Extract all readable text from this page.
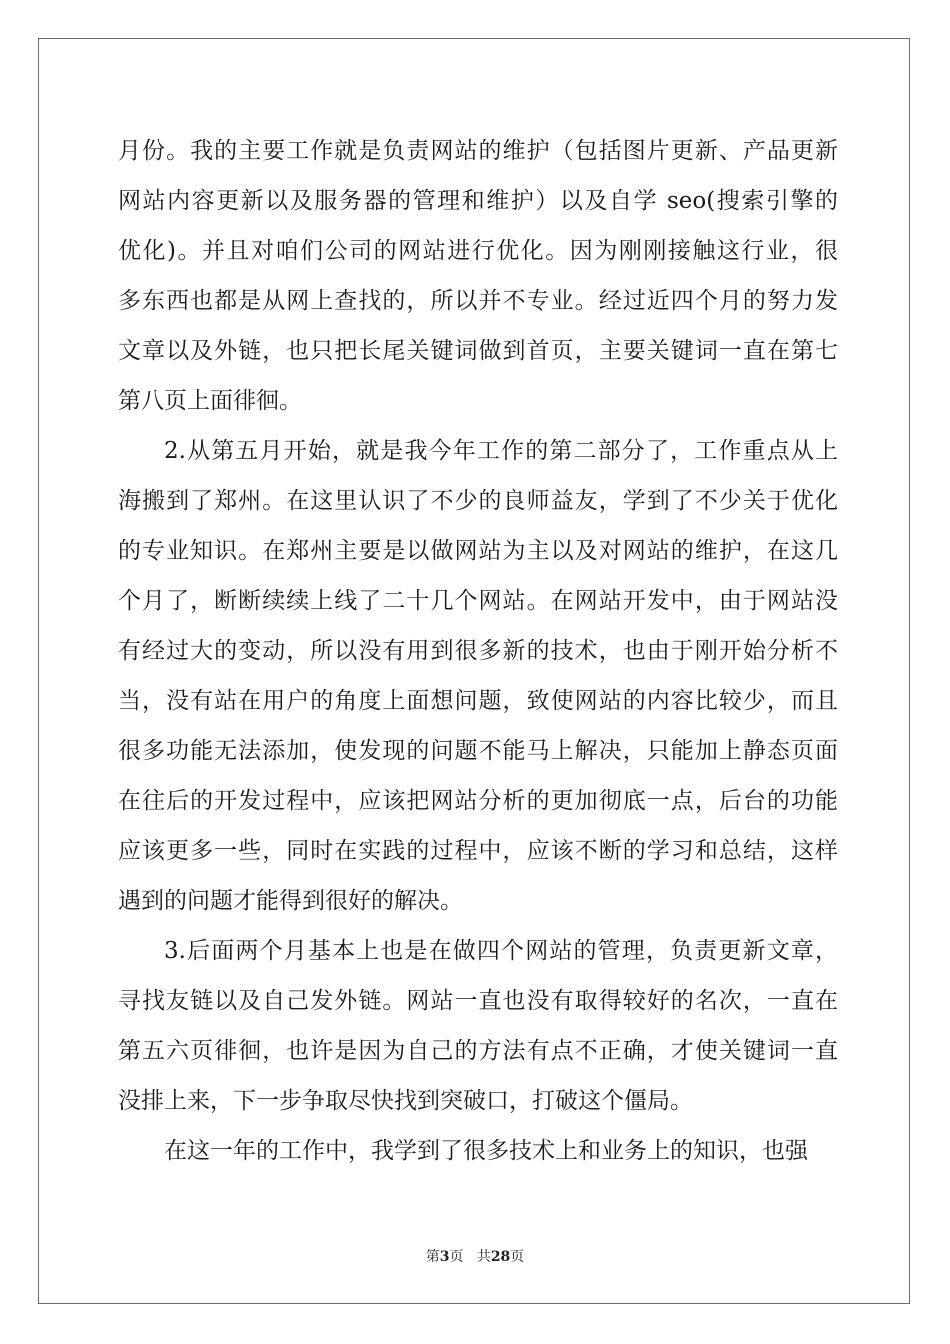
月份。我的主要工作就是负责网站的维护（包括图片更新、产品更新
网站内容更新以及服务器的管理和维护）以及自学 seo(搜索引擎的
优化)。并且对咱们公司的网站进行优化。因为刚刚接触这行业，很
多东西也都是从网上查找的，所以并不专业。经过近四个月的努力发
文章以及外链，也只把长尾关键词做到首页，主要关键词一直在第七
第八页上面徘徊。
2.从第五月开始，就是我今年工作的第二部分了，工作重点从上
海搬到了郑州。在这里认识了不少的良师益友，学到了不少关于优化
的专业知识。在郑州主要是以做网站为主以及对网站的维护，在这几
个月了，断断续续上线了二十几个网站。在网站开发中，由于网站没
有经过大的变动，所以没有用到很多新的技术，也由于刚开始分析不
当，没有站在用户的角度上面想问题，致使网站的内容比较少，而且
很多功能无法添加，使发现的问题不能马上解决，只能加上静态页面
在往后的开发过程中，应该把网站分析的更加彻底一点，后台的功能
应该更多一些，同时在实践的过程中，应该不断的学习和总结，这样
遇到的问题才能得到很好的解决。
3.后面两个月基本上也是在做四个网站的管理，负责更新文章，
寻找友链以及自己发外链。网站一直也没有取得较好的名次，一直在
第五六页徘徊，也许是因为自己的方法有点不正确，才使关键词一直
没排上来，下一步争取尽快找到突破口，打破这个僵局。
在这一年的工作中，我学到了很多技术上和业务上的知识，也强
第3页 共28页
